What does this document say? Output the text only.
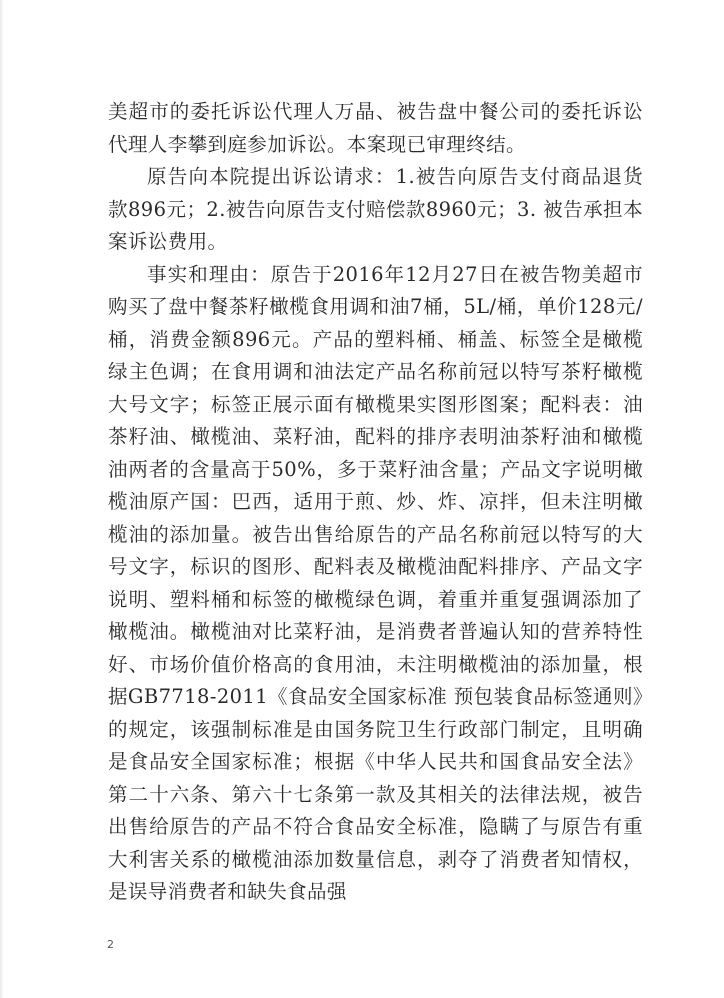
美超市的委托诉讼代理人万晶、被告盘中餐公司的委托诉讼代理人李攀到庭参加诉讼。本案现已审理终结。

原告向本院提出诉讼请求：1.被告向原告支付商品退货款896元；2.被告向原告支付赔偿款8960元；3. 被告承担本案诉讼费用。

事实和理由：原告于2016年12月27日在被告物美超市购买了盘中餐茶籽橄榄食用调和油7桶，5L/桶，单价128元/桶，消费金额896元。产品的塑料桶、桶盖、标签全是橄榄绿主色调；在食用调和油法定产品名称前冠以特写茶籽橄榄大号文字；标签正展示面有橄榄果实图形图案；配料表：油茶籽油、橄榄油、菜籽油，配料的排序表明油茶籽油和橄榄油两者的含量高于50%，多于菜籽油含量；产品文字说明橄榄油原产国：巴西，适用于煎、炒、炸、凉拌，但未注明橄榄油的添加量。被告出售给原告的产品名称前冠以特写的大号文字，标识的图形、配料表及橄榄油配料排序、产品文字说明、塑料桶和标签的橄榄绿色调，着重并重复强调添加了橄榄油。橄榄油对比菜籽油，是消费者普遍认知的营养特性好、市场价值价格高的食用油，未注明橄榄油的添加量，根据GB7718-2011《食品安全国家标准 预包装食品标签通则》的规定，该强制标准是由国务院卫生行政部门制定，且明确是食品安全国家标准；根据《中华人民共和国食品安全法》第二十六条、第六十七条第一款及其相关的法律法规，被告出售给原告的产品不符合食品安全标准，隐瞒了与原告有重大利害关系的橄榄油添加数量信息，剥夺了消费者知情权，是误导消费者和缺失食品强

2
